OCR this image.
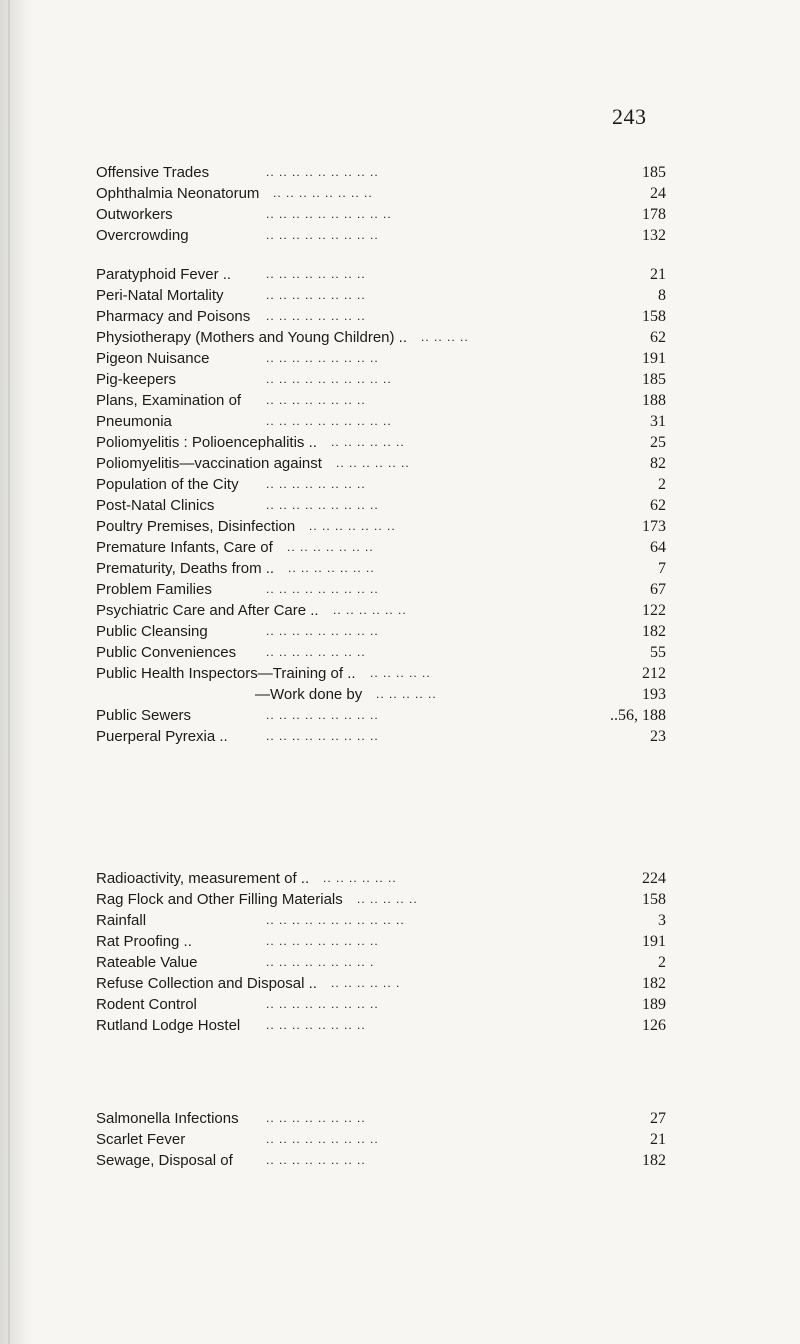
243
Offensive Trades	.. .. .. .. .. .. .. .. ..	185
Ophthalmia Neonatorum .. .. .. .. .. .. .. ..	24
Outworkers	.. .. .. .. .. .. .. .. .. ..	178
Overcrowding	.. .. .. .. .. .. .. .. ..	132
Paratyphoid Fever ..	.. .. .. .. .. .. .. ..	21
Peri-Natal Mortality	.. .. .. .. .. .. .. ..	8
Pharmacy and Poisons .. .. .. .. .. .. .. ..	158
Physiotherapy (Mothers and Young Children) .. .. .. .. ..	62
Pigeon Nuisance	.. .. .. .. .. .. .. .. ..	191
Pig-keepers	.. .. .. .. .. .. .. .. .. ..	185
Plans, Examination of .. .. .. .. .. .. .. ..	188
Pneumonia	.. .. .. .. .. .. .. .. .. ..	31
Poliomyelitis : Polioencephalitis .. .. .. .. .. .. ..	25
Poliomyelitis—vaccination against .. .. .. .. .. ..	82
Population of the City .. .. .. .. .. .. .. ..	2
Post-Natal Clinics	.. .. .. .. .. .. .. .. ..	62
Poultry Premises, Disinfection .. .. .. .. .. .. ..	173
Premature Infants, Care of .. .. .. .. .. .. ..	64
Prematurity, Deaths from .. .. .. .. .. .. .. ..	7
Problem Families	.. .. .. .. .. .. .. .. ..	67
Psychiatric Care and After Care .. .. .. .. .. .. ..	122
Public Cleansing	.. .. .. .. .. .. .. .. ..	182
Public Conveniences .. .. .. .. .. .. .. ..	55
Public Health Inspectors—Training of .. .. .. .. .. ..	212
—Work done by .. .. .. .. ..	193
Public Sewers	.. .. .. .. .. .. .. .. ..	..56, 188
Puerperal Pyrexia ..	.. .. .. .. .. .. .. .. ..	23
Radioactivity, measurement of .. .. .. .. .. .. ..	224
Rag Flock and Other Filling Materials .. .. .. .. ..	158
Rainfall	.. .. .. .. .. .. .. .. .. .. ..	3
Rat Proofing ..	.. .. .. .. .. .. .. .. ..	191
Rateable Value	.. .. .. .. .. .. .. .. .	2
Refuse Collection and Disposal .. .. .. .. .. .. .	182
Rodent Control	.. .. .. .. .. .. .. .. ..	189
Rutland Lodge Hostel .. .. .. .. .. .. .. ..	126
Salmonella Infections .. .. .. .. .. .. .. ..	27
Scarlet Fever	.. .. .. .. .. .. .. .. ..	21
Sewage, Disposal of	.. .. .. .. .. .. .. ..	182
